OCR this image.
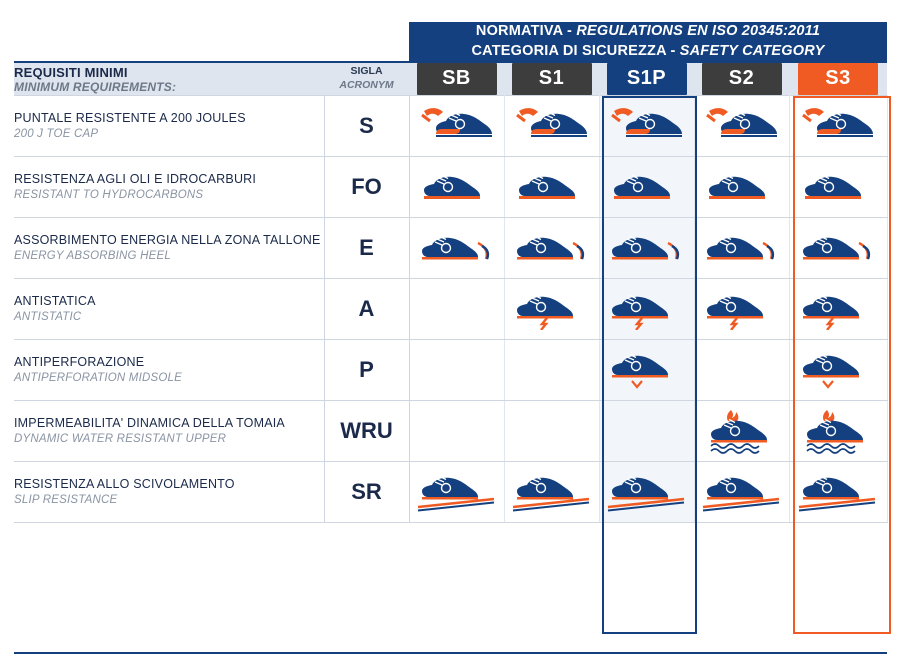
		NORMATIVA - REGULATIONS EN ISO 20345:2011
CATEGORIA DI SICUREZZA - SAFETY CATEGORY				

REQUISITI MINIMI
MINIMUM REQUIREMENTS:

SIGLA
ACRONYM	SB	S1	S1P	S2	S3

PUNTALE RESISTENTE A 200 JOULES
200 J TOE CAP	S					

RESISTENZA AGLI OLI E IDROCARBURI
RESISTANT TO HYDROCARBONS	FO					

ASSORBIMENTO ENERGIA NELLA ZONA TALLONE
ENERGY ABSORBING HEEL	E					

ANTISTATICA
ANTISTATIC	A					

ANTIPERFORAZIONE
ANTIPERFORATION MIDSOLE	P					

IMPERMEABILITA' DINAMICA DELLA TOMAIA
DYNAMIC WATER RESISTANT UPPER	WRU					

RESISTENZA ALLO SCIVOLAMENTO
SLIP RESISTANCE	SR					
